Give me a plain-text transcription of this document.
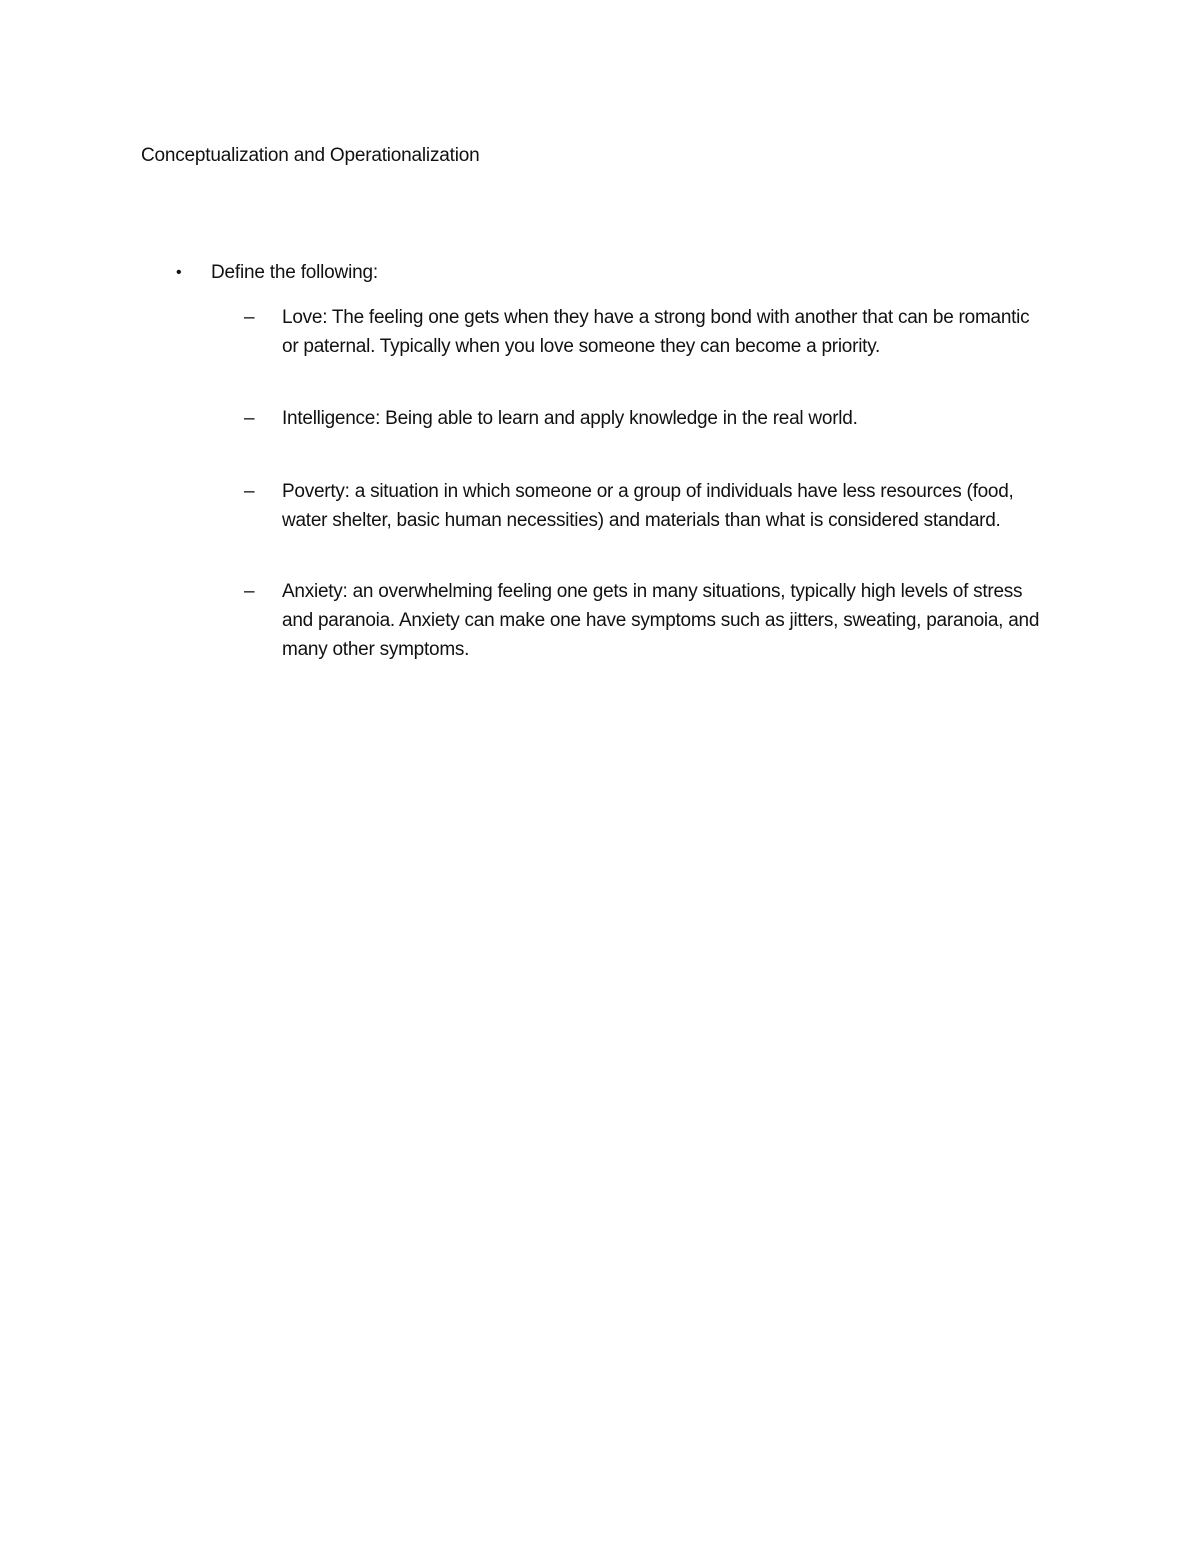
Conceptualization and Operationalization
•	Define the following:
–	Love: The feeling one gets when they have a strong bond with another that can be romantic or paternal. Typically when you love someone they can become a priority.
–	Intelligence: Being able to learn and apply knowledge in the real world.
–	Poverty: a situation in which someone or a group of individuals have less resources (food, water shelter, basic human necessities) and materials than what is considered standard.
–	Anxiety: an overwhelming feeling one gets in many situations, typically high levels of stress and paranoia. Anxiety can make one have symptoms such as jitters, sweating, paranoia, and many other symptoms.
